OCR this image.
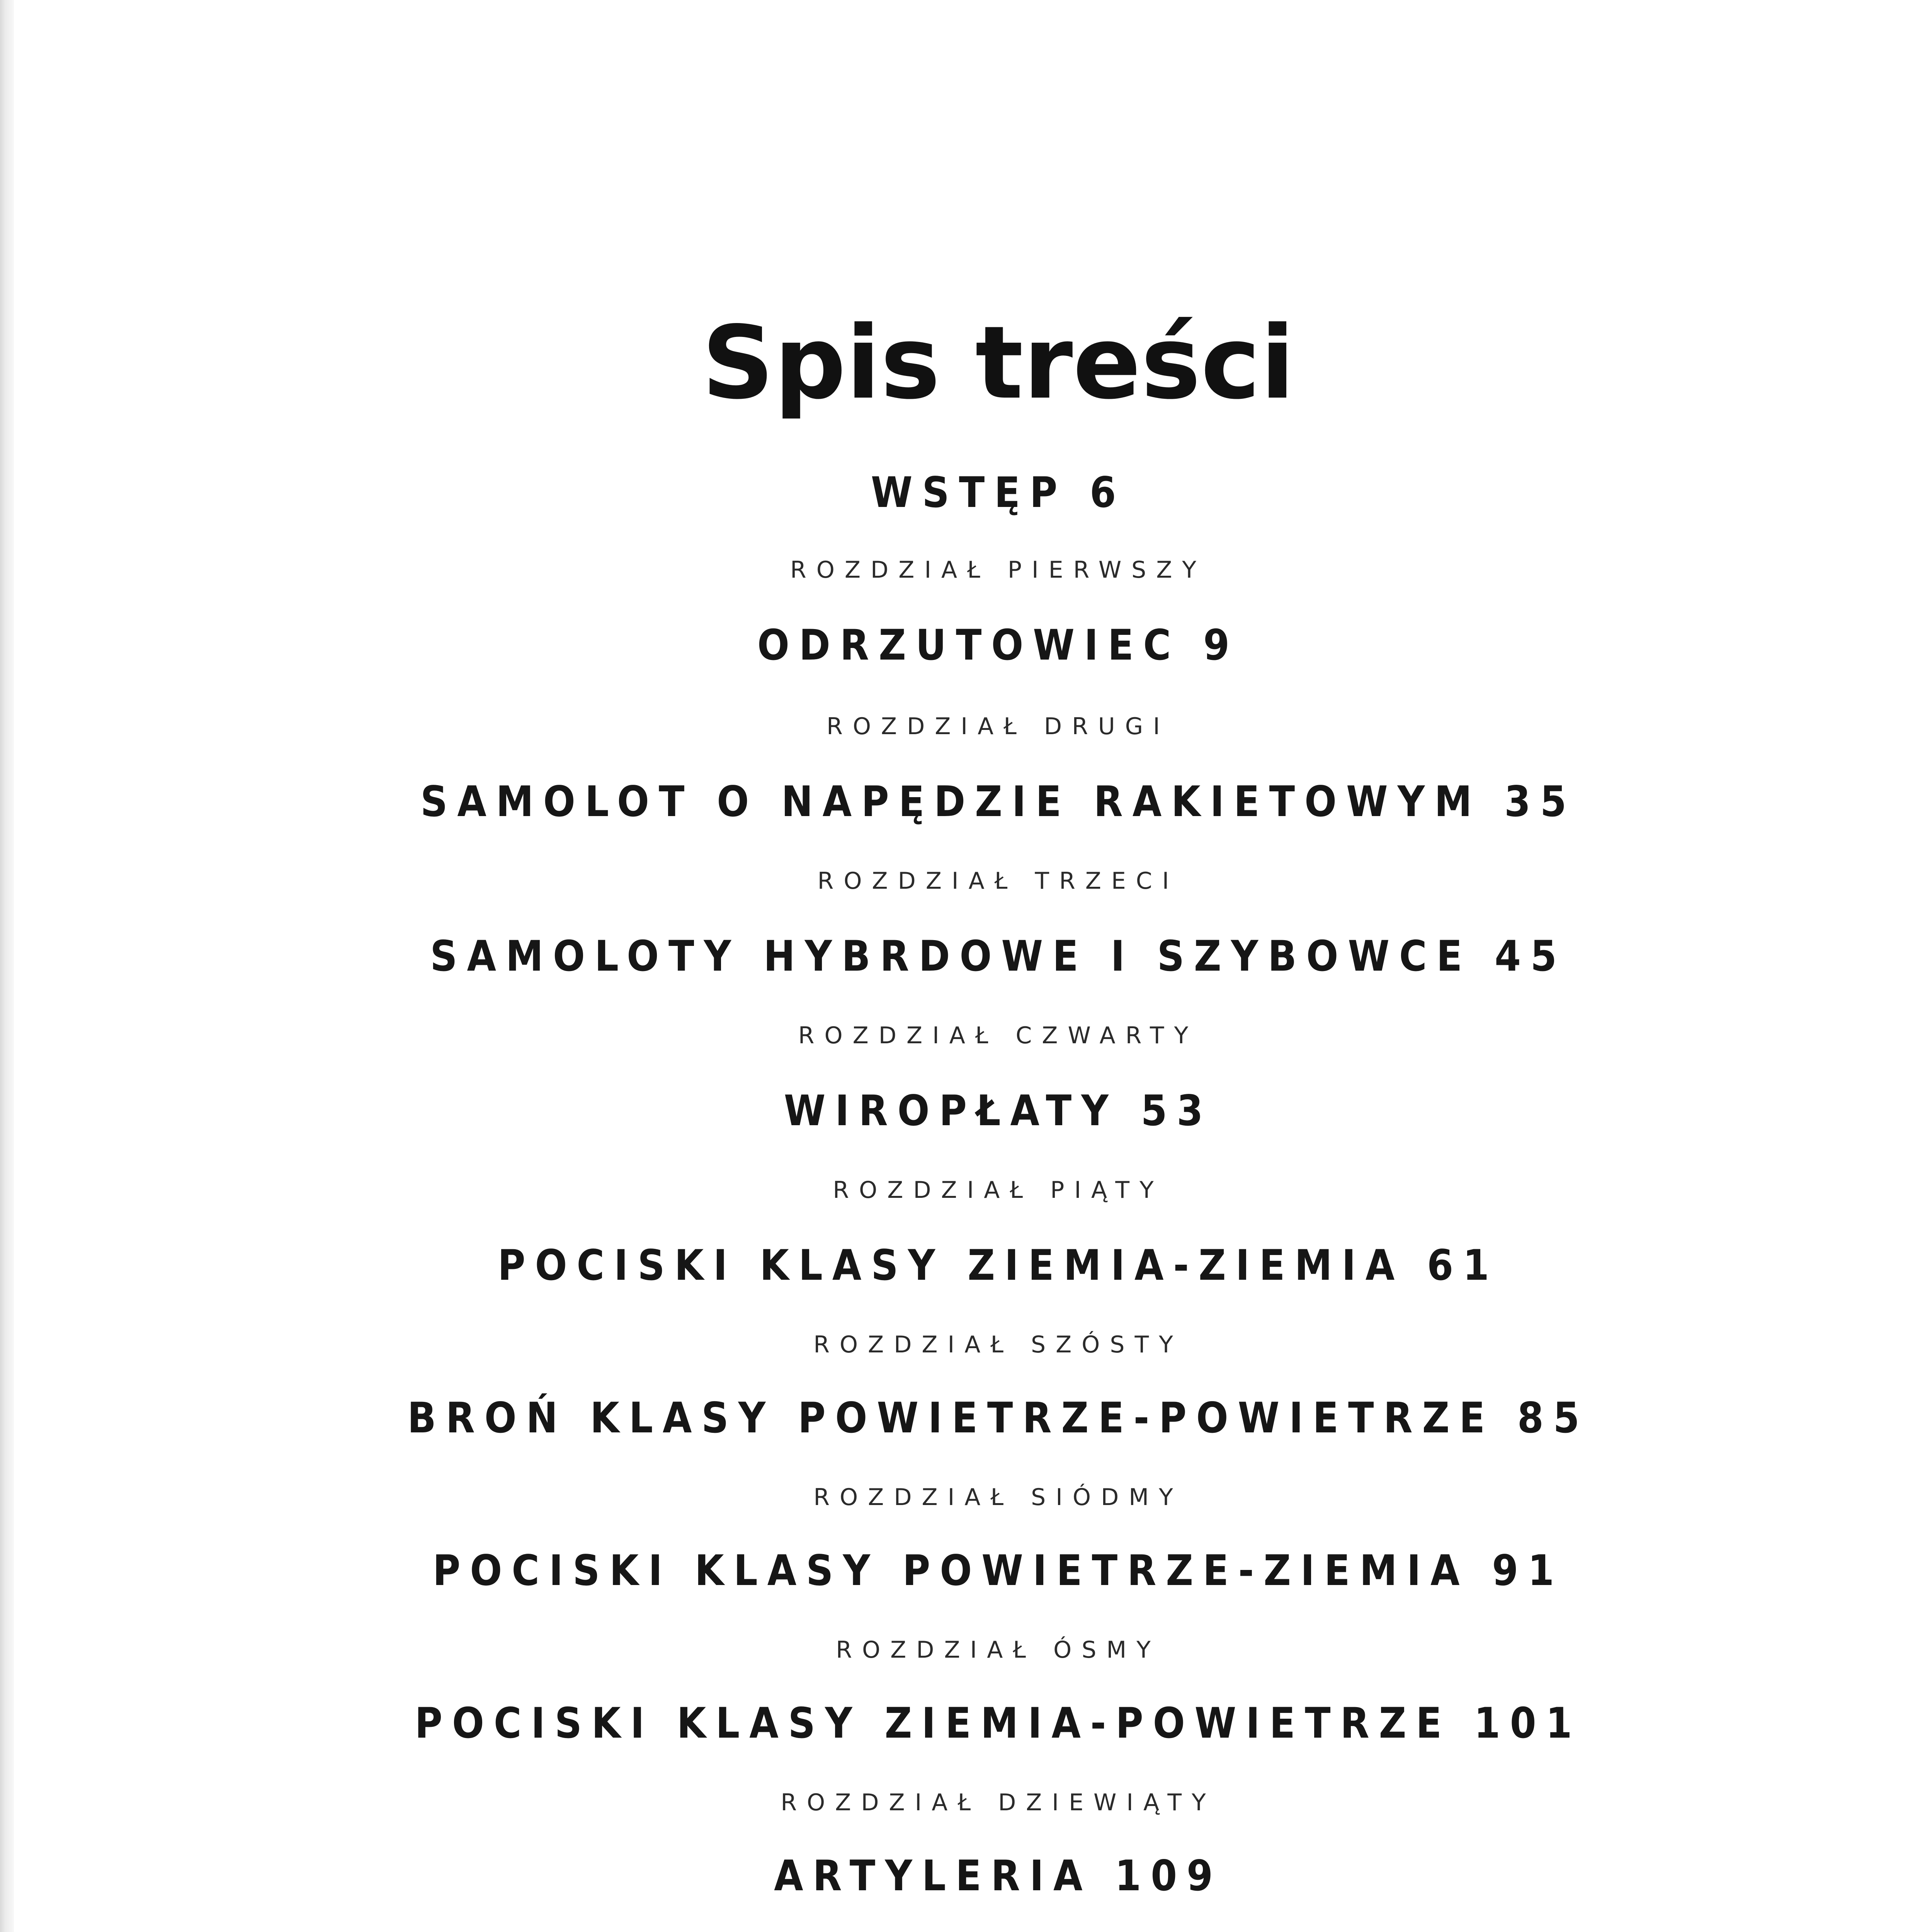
Spis treści
WSTĘP 6
ROZDZIAŁ PIERWSZY
ODRZUTOWIEC 9
ROZDZIAŁ DRUGI
SAMOLOT O NAPĘDZIE RAKIETOWYM 35
ROZDZIAŁ TRZECI
SAMOLOTY HYBRDOWE I SZYBOWCE 45
ROZDZIAŁ CZWARTY
WIROPŁATY 53
ROZDZIAŁ PIĄTY
POCISKI KLASY ZIEMIA-ZIEMIA 61
ROZDZIAŁ SZÓSTY
BROŃ KLASY POWIETRZE-POWIETRZE 85
ROZDZIAŁ SIÓDMY
POCISKI KLASY POWIETRZE-ZIEMIA 91
ROZDZIAŁ ÓSMY
POCISKI KLASY ZIEMIA-POWIETRZE 101
ROZDZIAŁ DZIEWIĄTY
ARTYLERIA 109
